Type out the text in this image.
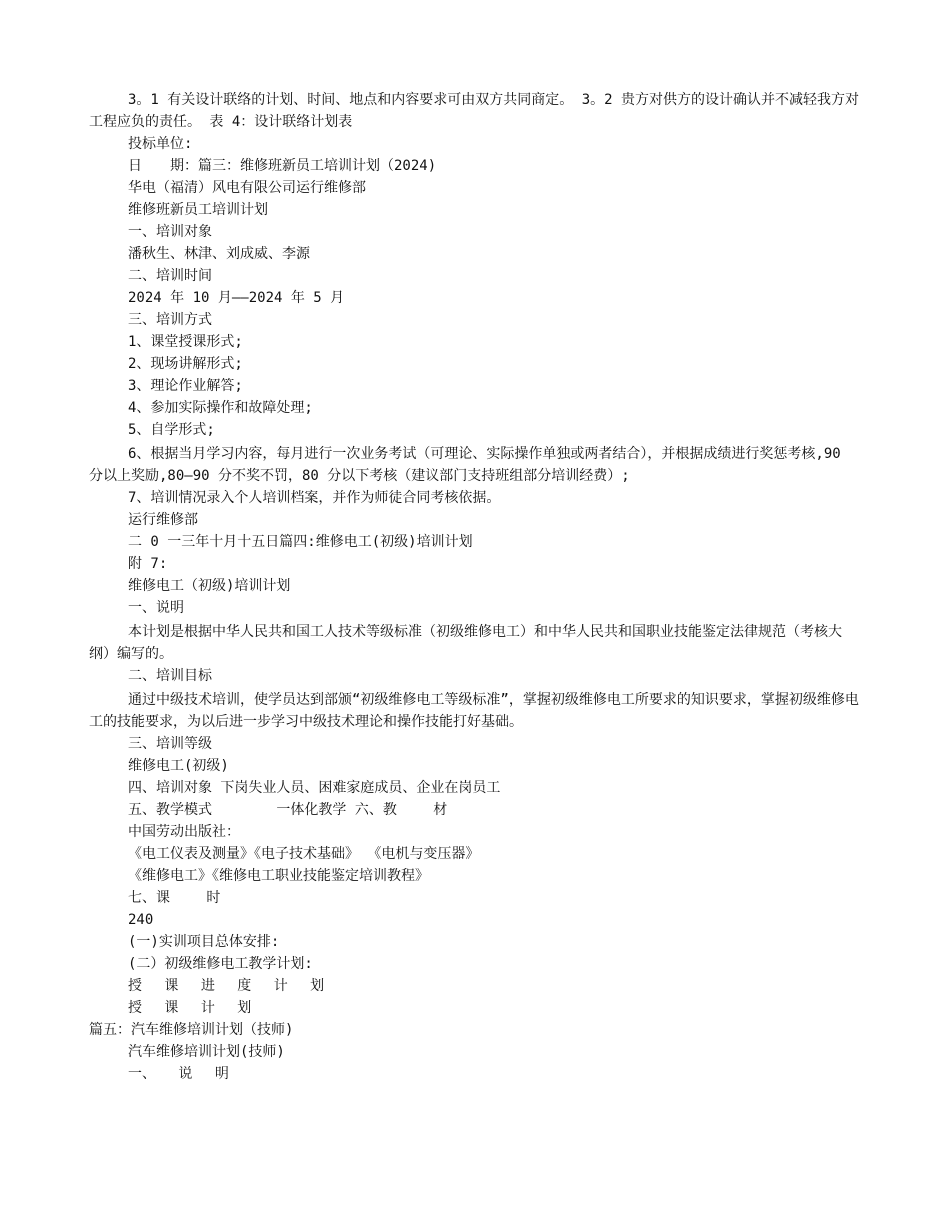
3。1 有关设计联络的计划、时间、地点和内容要求可由双方共同商定。 3。2 贵方对供方的设计确认并不减轻我方对工程应负的责任。 表 4：设计联络计划表
投标单位:
日　　期：篇三：维修班新员工培训计划（2024)
华电（福清）风电有限公司运行维修部
维修班新员工培训计划
一、培训对象
潘秋生、林津、刘成威、李源
二、培训时间
2024 年 10 月——2024 年 5 月
三、培训方式
1、课堂授课形式;
2、现场讲解形式;
3、理论作业解答;
4、参加实际操作和故障处理;
5、自学形式;
6、根据当月学习内容，每月进行一次业务考试（可理论、实际操作单独或两者结合），并根据成绩进行奖惩考核,90 分以上奖励,80—90 分不奖不罚，80 分以下考核（建议部门支持班组部分培训经费）;
7、培训情况录入个人培训档案，并作为师徒合同考核依据。
运行维修部
二 0 一三年十月十五日篇四:维修电工(初级)培训计划
附 7:
维修电工（初级)培训计划
一、说明
本计划是根据中华人民共和国工人技术等级标准（初级维修电工）和中华人民共和国职业技能鉴定法律规范（考核大纲）编写的。
二、培训目标
通过中级技术培训，使学员达到部颁“初级维修电工等级标准”，掌握初级维修电工所要求的知识要求，掌握初级维修电工的技能要求，为以后进一步学习中级技术理论和操作技能打好基础。
三、培训等级
维修电工(初级)
四、培训对象 下岗失业人员、困难家庭成员、企业在岗员工
五、教学模式 　　　　一体化教学 六、教 　　材
中国劳动出版社：
《电工仪表及测量》《电子技术基础》 《电机与变压器》
《维修电工》《维修电工职业技能鉴定培训教程》
七、课 　　时
240
(一)实训项目总体安排:
(二）初级维修电工教学计划:
授 　课 　进 　度 　计 　划
授 　课 　计 　划
篇五：汽车维修培训计划（技师)
汽车维修培训计划(技师)
一、 　说 　明
